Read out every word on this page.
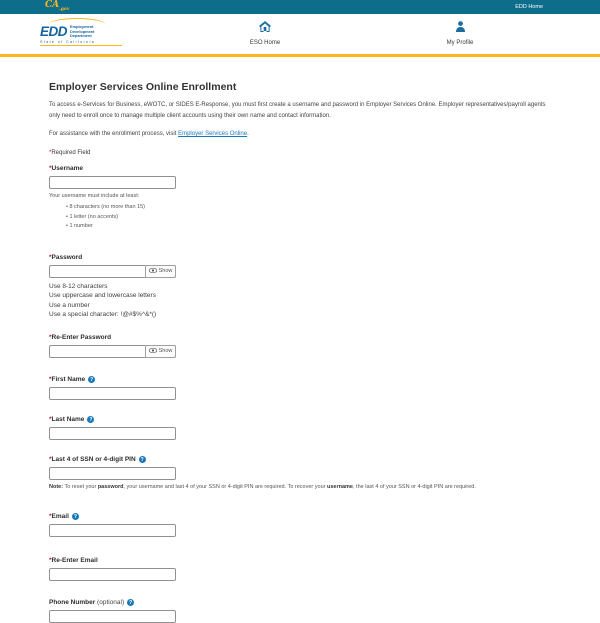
$CA_{.gov}$	EDD Home
EDD Employment
Development
Department
State of California	ESO Home	My Profile
Employer Services Online Enrollment

To access e-Services for Business, eWOTC, or SIDES E-Response, you must first create a username and password in Employer Services Online. Employer representatives/payroll agents only need to enroll once to manage multiple client accounts using their own name and contact information.

For assistance with the enrollment process, visit Employer Services Online.

*Required Field

*Username
Your username must include at least:
• 8 characters (no more than 15)
• 1 letter (no accents)
• 1 number
*Password
Show
Use 8-12 characters
Use uppercase and lowercase letters
Use a number
Use a special character: !@#$%^&*()
*Re-Enter Password
Show
*First Name ?
*Last Name ?
*Last 4 of SSN or 4-digit PIN ?
Note: To reset your password, your username and last 4 of your SSN or 4-digit PIN are required. To recover your username, the last 4 of your SSN or 4-digit PIN are required.
*Email ?
*Re-Enter Email
Phone Number (optional) ?
